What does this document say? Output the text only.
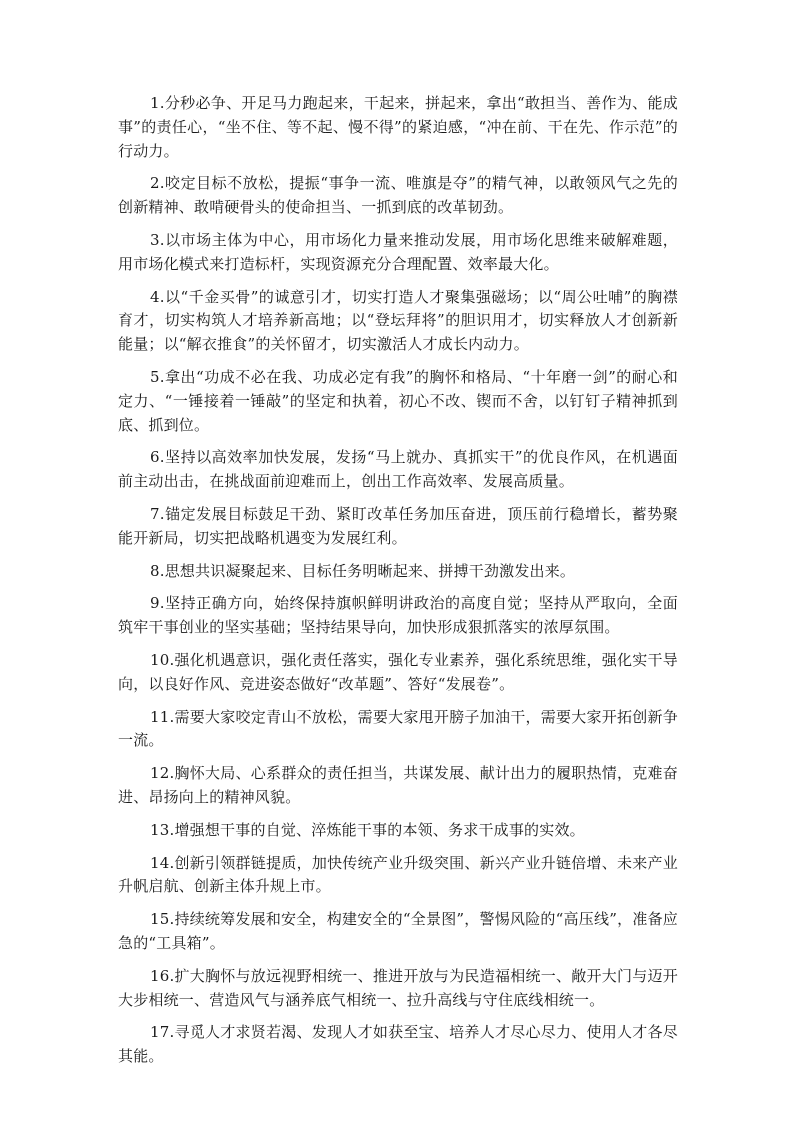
1.分秒必争、开足马力跑起来，干起来，拼起来，拿出“敢担当、善作为、能成事”的责任心，“坐不住、等不起、慢不得”的紧迫感，“冲在前、干在先、作示范”的行动力。

2.咬定目标不放松，提振“事争一流、唯旗是夺”的精气神，以敢领风气之先的创新精神、敢啃硬骨头的使命担当、一抓到底的改革韧劲。

3.以市场主体为中心，用市场化力量来推动发展，用市场化思维来破解难题，用市场化模式来打造标杆，实现资源充分合理配置、效率最大化。

4.以“千金买骨”的诚意引才，切实打造人才聚集强磁场；以“周公吐哺”的胸襟育才，切实构筑人才培养新高地；以“登坛拜将”的胆识用才，切实释放人才创新新能量；以“解衣推食”的关怀留才，切实激活人才成长内动力。

5.拿出“功成不必在我、功成必定有我”的胸怀和格局、“十年磨一剑”的耐心和定力、“一锤接着一锤敲”的坚定和执着，初心不改、锲而不舍，以钉钉子精神抓到底、抓到位。

6.坚持以高效率加快发展，发扬“马上就办、真抓实干”的优良作风，在机遇面前主动出击，在挑战面前迎难而上，创出工作高效率、发展高质量。

7.锚定发展目标鼓足干劲、紧盯改革任务加压奋进，顶压前行稳增长，蓄势聚能开新局，切实把战略机遇变为发展红利。

8.思想共识凝聚起来、目标任务明晰起来、拼搏干劲激发出来。

9.坚持正确方向，始终保持旗帜鲜明讲政治的高度自觉；坚持从严取向，全面筑牢干事创业的坚实基础；坚持结果导向，加快形成狠抓落实的浓厚氛围。

10.强化机遇意识，强化责任落实，强化专业素养，强化系统思维，强化实干导向，以良好作风、竞进姿态做好“改革题”、答好“发展卷”。

11.需要大家咬定青山不放松，需要大家甩开膀子加油干，需要大家开拓创新争一流。

12.胸怀大局、心系群众的责任担当，共谋发展、献计出力的履职热情，克难奋进、昂扬向上的精神风貌。

13.增强想干事的自觉、淬炼能干事的本领、务求干成事的实效。

14.创新引领群链提质，加快传统产业升级突围、新兴产业升链倍增、未来产业升帆启航、创新主体升规上市。

15.持续统筹发展和安全，构建安全的“全景图”，警惕风险的“高压线”，准备应急的“工具箱”。

16.扩大胸怀与放远视野相统一、推进开放与为民造福相统一、敞开大门与迈开大步相统一、营造风气与涵养底气相统一、拉升高线与守住底线相统一。

17.寻觅人才求贤若渴、发现人才如获至宝、培养人才尽心尽力、使用人才各尽其能。
